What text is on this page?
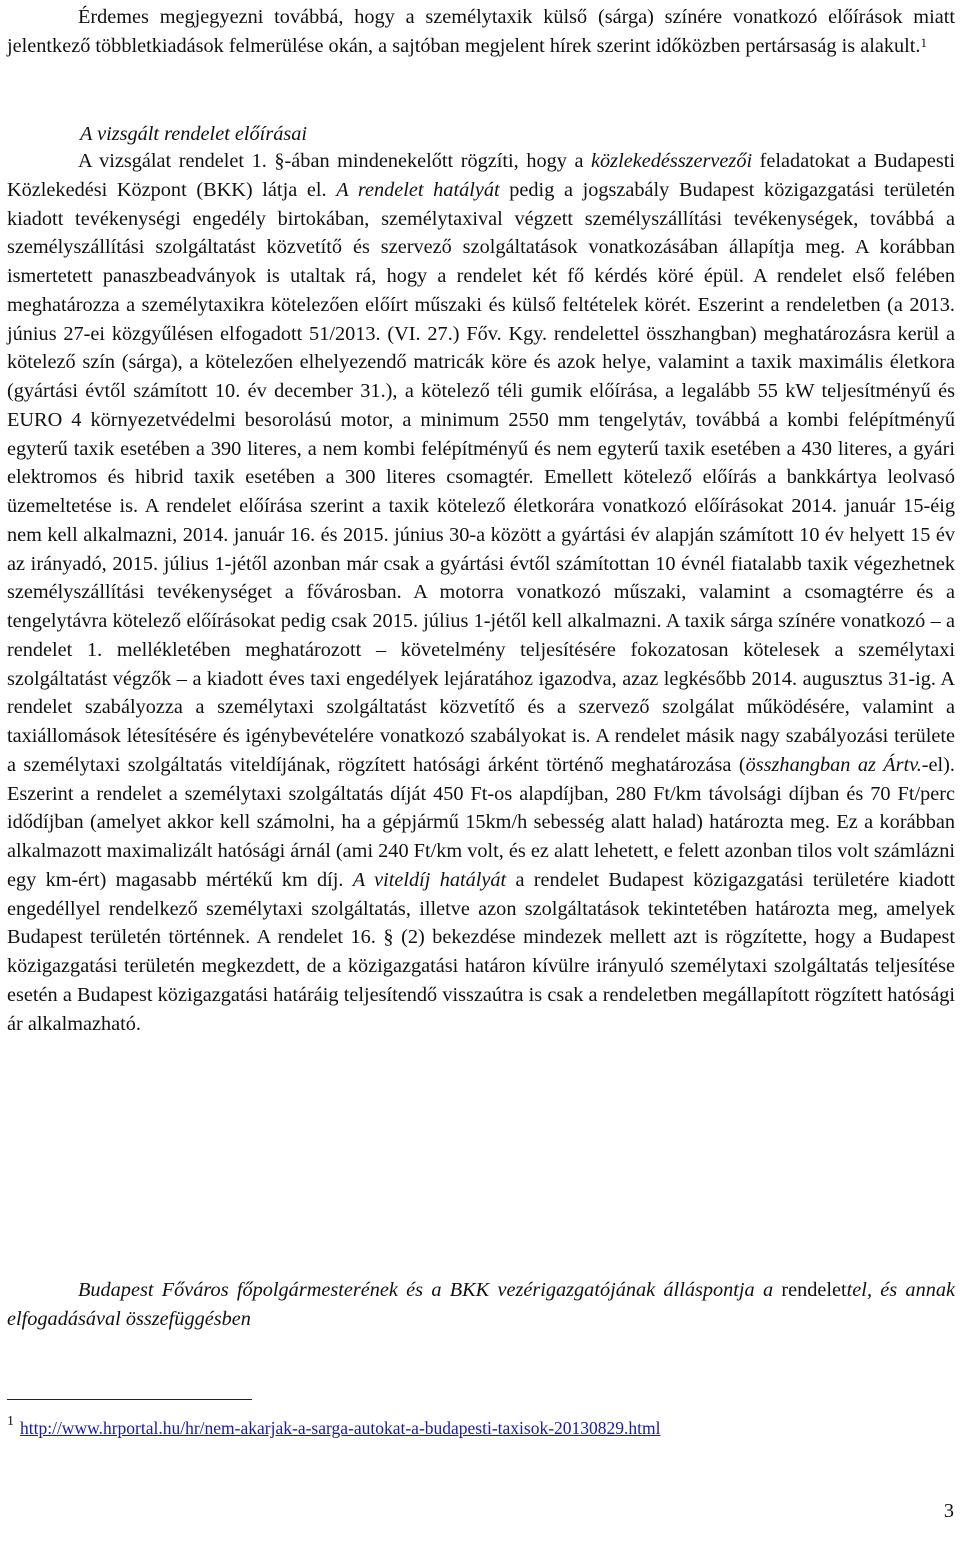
Érdemes megjegyezni továbbá, hogy a személytaxik külső (sárga) színére vonatkozó előírások miatt jelentkező többletkiadások felmerülése okán, a sajtóban megjelent hírek szerint időközben pertársaság is alakult.$^1$

A vizsgált rendelet előírásai

A vizsgálat rendelet 1. §-ában mindenekelőtt rögzíti, hogy a közlekedésszervezői feladatokat a Budapesti Közlekedési Központ (BKK) látja el. A rendelet hatályát pedig a jogszabály Budapest közigazgatási területén kiadott tevékenységi engedély birtokában, személytaxival végzett személyszállítási tevékenységek, továbbá a személyszállítási szolgáltatást közvetítő és szervező szolgáltatások vonatkozásában állapítja meg. A korábban ismertetett panaszbeadványok is utaltak rá, hogy a rendelet két fő kérdés köré épül. A rendelet első felében meghatározza a személytaxikra kötelezően előírt műszaki és külső feltételek körét. Eszerint a rendeletben (a 2013. június 27-ei közgyűlésen elfogadott 51/2013. (VI. 27.) Főv. Kgy. rendelettel összhangban) meghatározásra kerül a kötelező szín (sárga), a kötelezően elhelyezendő matricák köre és azok helye, valamint a taxik maximális életkora (gyártási évtől számított 10. év december 31.), a kötelező téli gumik előírása, a legalább 55 kW teljesítményű és EURO 4 környezetvédelmi besorolású motor, a minimum 2550 mm tengelytáv, továbbá a kombi felépítményű egyterű taxik esetében a 390 literes, a nem kombi felépítményű és nem egyterű taxik esetében a 430 literes, a gyári elektromos és hibrid taxik esetében a 300 literes csomagtér. Emellett kötelező előírás a bankkártya leolvasó üzemeltetése is. A rendelet előírása szerint a taxik kötelező életkorára vonatkozó előírásokat 2014. január 15-éig nem kell alkalmazni, 2014. január 16. és 2015. június 30-a között a gyártási év alapján számított 10 év helyett 15 év az irányadó, 2015. július 1-jétől azonban már csak a gyártási évtől számítottan 10 évnél fiatalabb taxik végezhetnek személyszállítási tevékenységet a fővárosban. A motorra vonatkozó műszaki, valamint a csomagtérre és a tengelytávra kötelező előírásokat pedig csak 2015. július 1-jétől kell alkalmazni. A taxik sárga színére vonatkozó – a rendelet 1. mellékletében meghatározott – követelmény teljesítésére fokozatosan kötelesek a személytaxi szolgáltatást végzők – a kiadott éves taxi engedélyek lejáratához igazodva, azaz legkésőbb 2014. augusztus 31-ig. A rendelet szabályozza a személytaxi szolgáltatást közvetítő és a szervező szolgálat működésére, valamint a taxiállomások létesítésére és igénybevételére vonatkozó szabályokat is. A rendelet másik nagy szabályozási területe a személytaxi szolgáltatás viteldíjának, rögzített hatósági árként történő meghatározása (összhangban az Ártv.-el). Eszerint a rendelet a személytaxi szolgáltatás díját 450 Ft-os alapdíjban, 280 Ft/km távolsági díjban és 70 Ft/perc idődíjban (amelyet akkor kell számolni, ha a gépjármű 15km/h sebesség alatt halad) határozta meg. Ez a korábban alkalmazott maximalizált hatósági árnál (ami 240 Ft/km volt, és ez alatt lehetett, e felett azonban tilos volt számlázni egy km-ért) magasabb mértékű km díj. A viteldíj hatályát a rendelet Budapest közigazgatási területére kiadott engedéllyel rendelkező személytaxi szolgáltatás, illetve azon szolgáltatások tekintetében határozta meg, amelyek Budapest területén történnek. A rendelet 16. § (2) bekezdése mindezek mellett azt is rögzítette, hogy a Budapest közigazgatási területén megkezdett, de a közigazgatási határon kívülre irányuló személytaxi szolgáltatás teljesítése esetén a Budapest közigazgatási határáig teljesítendő visszaútra is csak a rendeletben megállapított rögzített hatósági ár alkalmazható.

Budapest Főváros főpolgármesterének és a BKK vezérigazgatójának álláspontja a rendelettel, és annak elfogadásával összefüggésben

$^1$ http://www.hrportal.hu/hr/nem-akarjak-a-sarga-autokat-a-budapesti-taxisok-20130829.html
3
